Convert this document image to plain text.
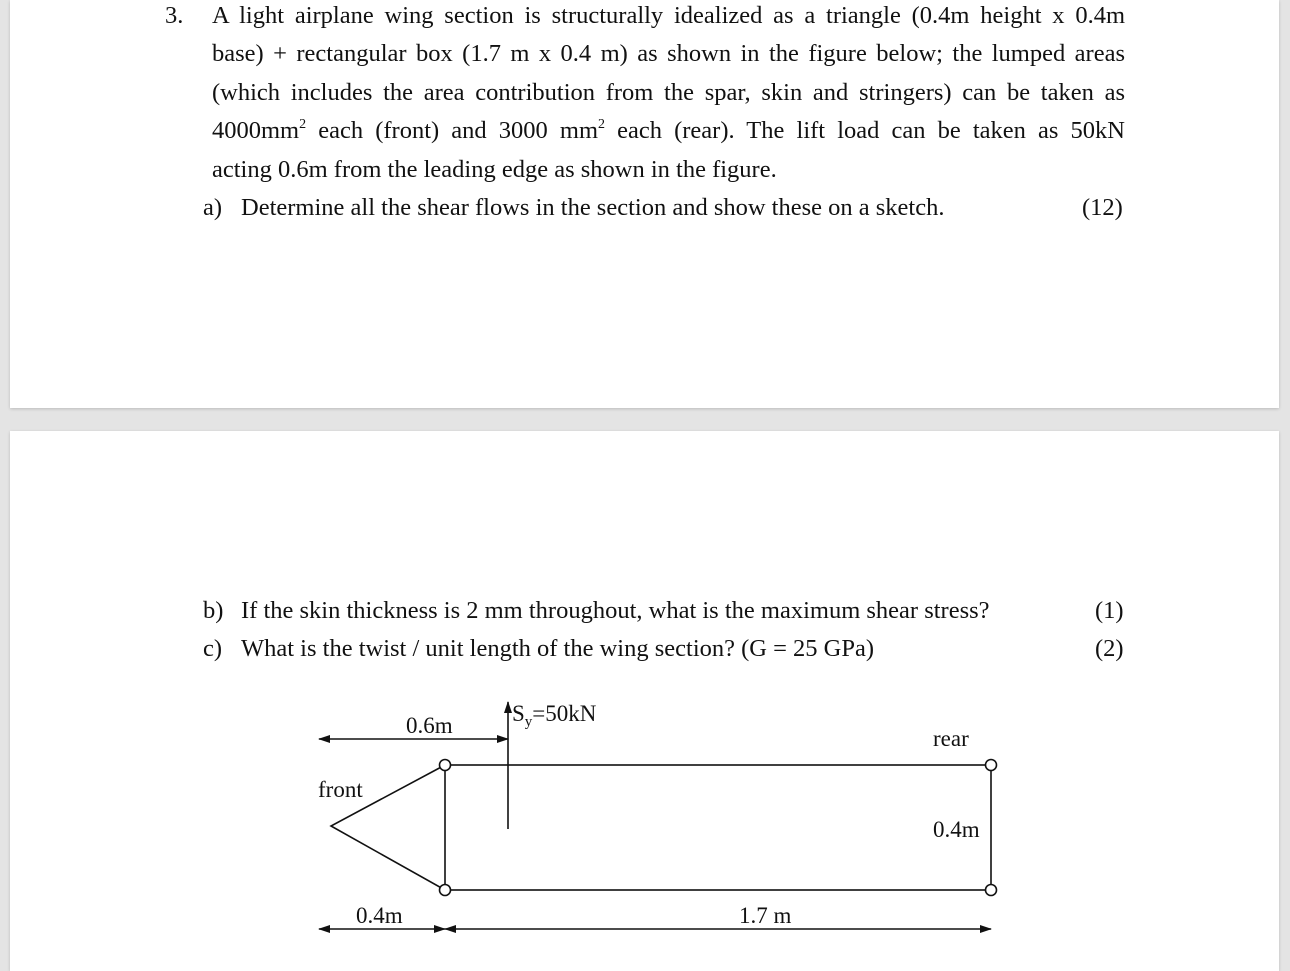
3. A light airplane wing section is structurally idealized as a triangle (0.4m height x 0.4m
base) + rectangular box (1.7 m x 0.4 m) as shown in the figure below; the lumped areas
(which includes the area contribution from the spar, skin and stringers) can be taken as
$4000mm^2$ each (front) and 3000 $mm^2$ each (rear). The lift load can be taken as 50kN
acting 0.6m from the leading edge as shown in the figure.
a) Determine all the shear flows in the section and show these on a sketch.	(12)
b) If the skin thickness is 2 mm throughout, what is the maximum shear stress?	(1)
c) What is the twist / unit length of the wing section? (G = 25 GPa)	(2)
0.6m	$S_y=50kN$
rear
front
0.4m
0.4m	1.7 m
